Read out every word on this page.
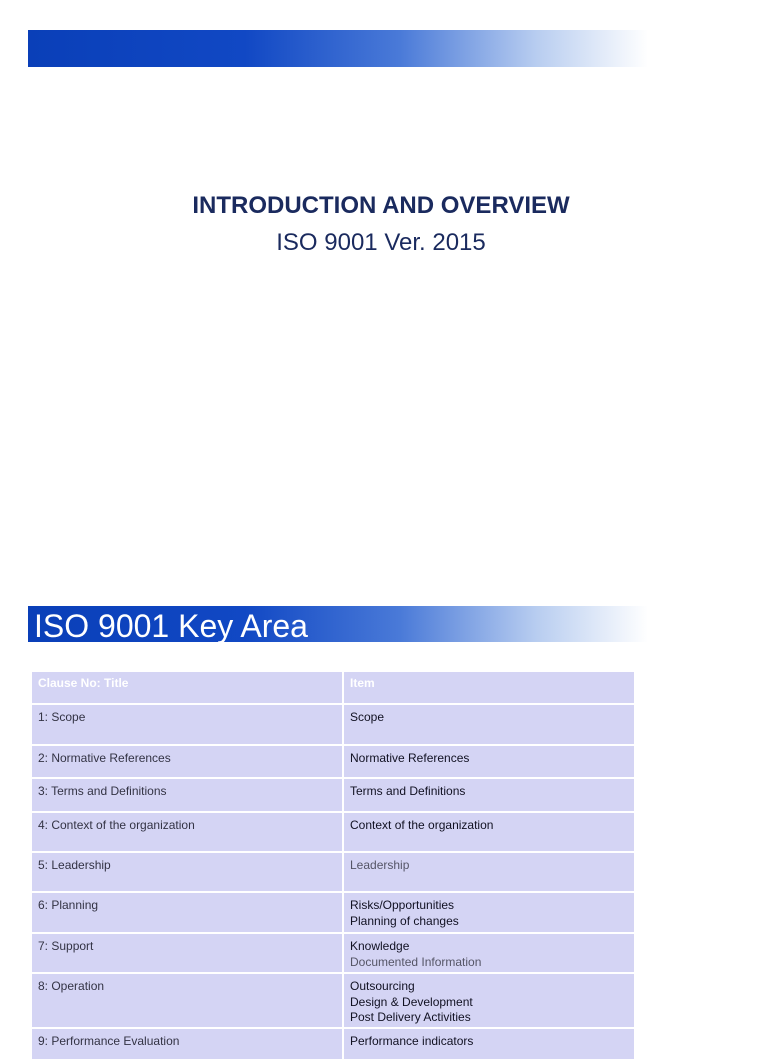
INTRODUCTION AND OVERVIEW
ISO 9001 Ver. 2015
ISO 9001 Key Area
Clause No: Title	Item
1: Scope	Scope
2: Normative References	Normative References
3: Terms and Definitions	Terms and Definitions
4: Context of the organization	Context of the organization
5: Leadership	Leadership
6: Planning	Risks/Opportunities
Planning of changes
7: Support	Knowledge
Documented Information
8: Operation	Outsourcing
Design & Development
Post Delivery Activities
9: Performance Evaluation	Performance indicators
